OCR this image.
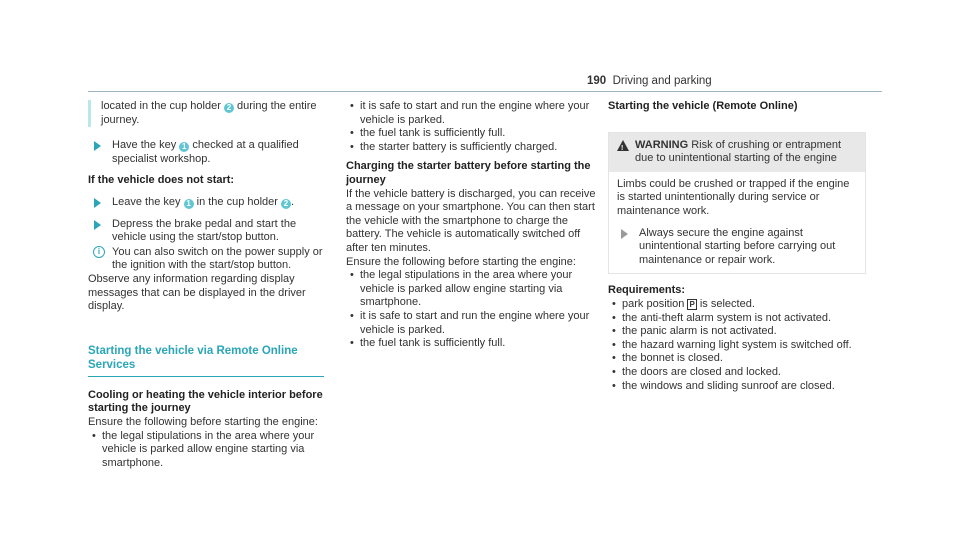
190 Driving and parking

located in the cup holder 2 during the entire journey.

Have the key 1 checked at a qualified specialist workshop.
If the vehicle does not start:
Leave the key 1 in the cup holder 2 .
Depress the brake pedal and start the vehicle using the start/stop button.
i	You can also switch on the power supply or the ignition with the start/stop button.

Observe any information regarding display messages that can be displayed in the driver display.

Starting the vehicle via Remote Online Services
Cooling or heating the vehicle interior before starting the journey

Ensure the following before starting the engine:

• the legal stipulations in the area where your vehicle is parked allow engine starting via smartphone.
• it is safe to start and run the engine where your vehicle is parked.
• the fuel tank is sufficiently full.
• the starter battery is sufficiently charged.
Charging the starter battery before starting the journey

If the vehicle battery is discharged, you can receive a message on your smartphone. You can then start the vehicle with the smartphone to charge the battery. The vehicle is automatically switched off after ten minutes.

Ensure the following before starting the engine:

• the legal stipulations in the area where your vehicle is parked allow engine starting via smartphone.
• it is safe to start and run the engine where your vehicle is parked.
• the fuel tank is sufficiently full.
Starting the vehicle (Remote Online)
! WARNING Risk of crushing or entrapment due to unintentional starting of the engine

Limbs could be crushed or trapped if the engine is started unintentionally during service or maintenance work.

Always secure the engine against unintentional starting before carrying out maintenance or repair work.
Requirements:
• park position P is selected.
• the anti-theft alarm system is not activated.
• the panic alarm is not activated.
• the hazard warning light system is switched off.
• the bonnet is closed.
• the doors are closed and locked.
• the windows and sliding sunroof are closed.
